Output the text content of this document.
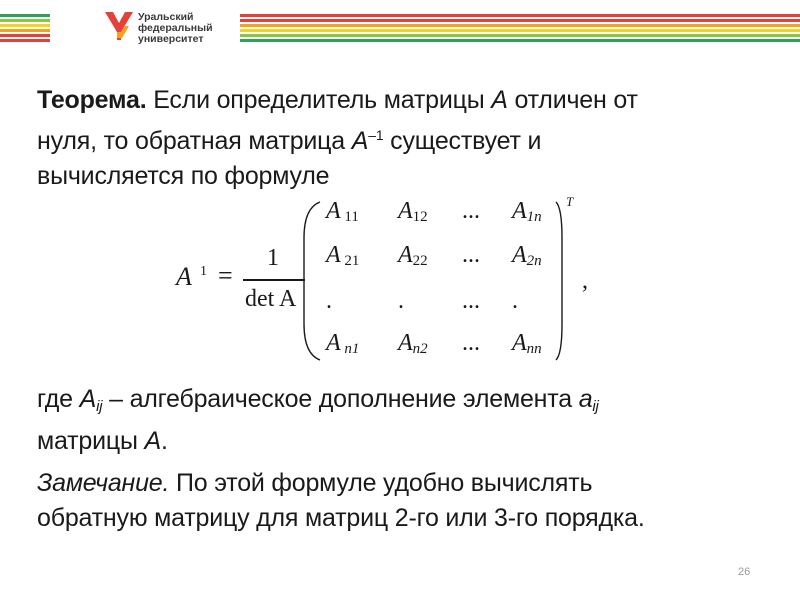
Уральский
федеральный
университет
Теорема. Если определитель матрицы A отличен от
нуля, то обратная матрица $A^{-1}$ существует и
вычисляется по формуле
A 1 =
1
det A
A 11 A12 ... A1n
A 21 A22 ... A2n
.	. ... .
A n1 An2 ... Ann
T
,
где $A_{ij}$ – алгебраическое дополнение элемента $a_{ij}$
матрицы A.
Замечание. По этой формуле удобно вычислять
обратную матрицу для матриц 2-го или 3-го порядка.
26
